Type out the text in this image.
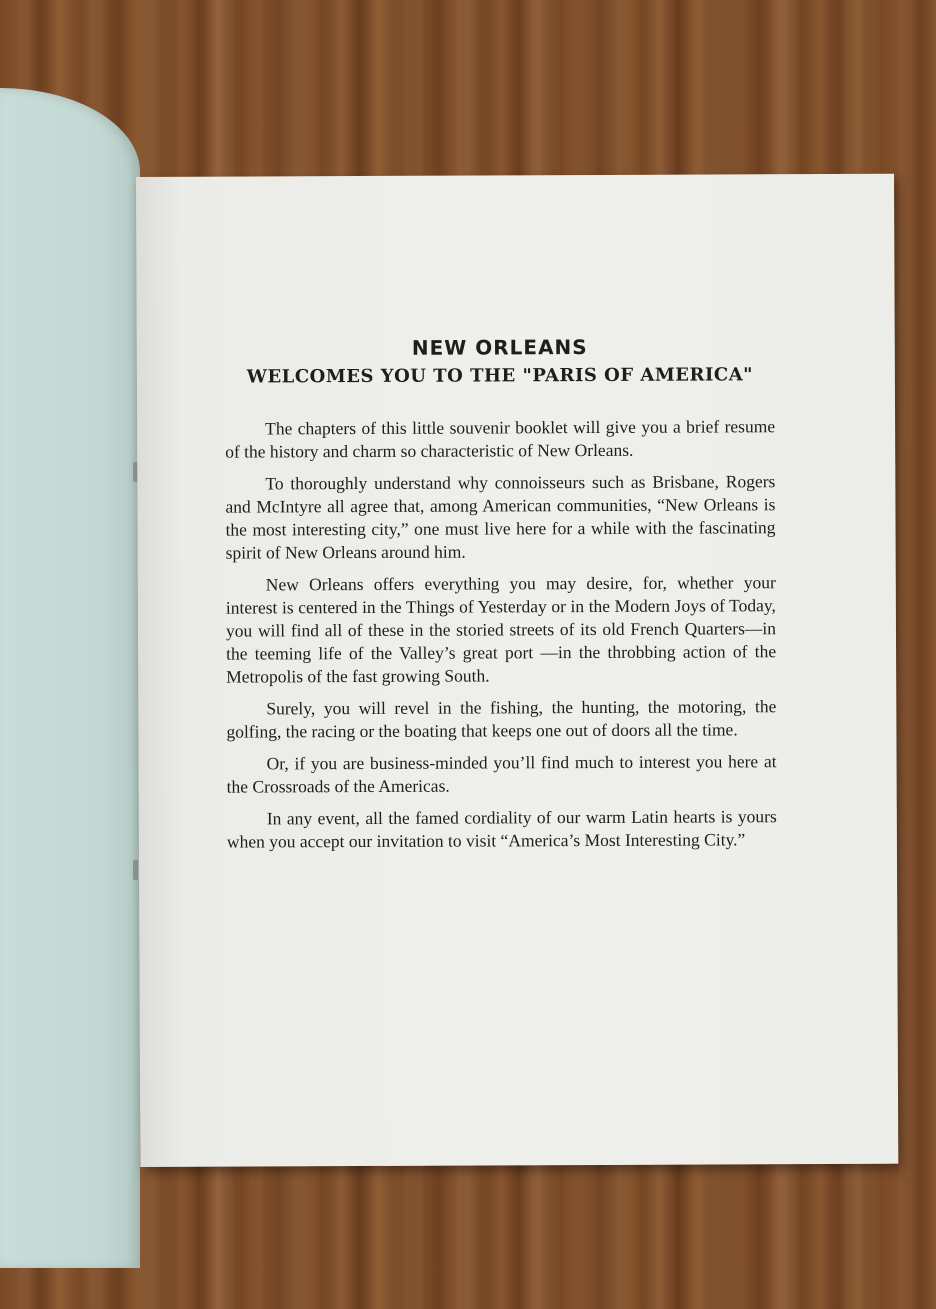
NEW ORLEANS
WELCOMES YOU TO THE "PARIS OF AMERICA"

The chapters of this little souvenir booklet will give you a brief resume of the history and charm so characteristic of New Orleans.

To thoroughly understand why connoisseurs such as Brisbane, Rogers and McIntyre all agree that, among American communities, “New Orleans is the most interesting city,” one must live here for a while with the fascinating spirit of New Orleans around him.

New Orleans offers everything you may desire, for, whether your interest is centered in the Things of Yesterday or in the Modern Joys of Today, you will find all of these in the storied streets of its old French Quarters—in the teeming life of the Valley’s great port —in the throbbing action of the Metropolis of the fast growing South.

Surely, you will revel in the fishing, the hunting, the motoring, the golfing, the racing or the boating that keeps one out of doors all the time.

Or, if you are business-minded you’ll find much to interest you here at the Crossroads of the Americas.

In any event, all the famed cordiality of our warm Latin hearts is yours when you accept our invitation to visit “America’s Most Interesting City.”
